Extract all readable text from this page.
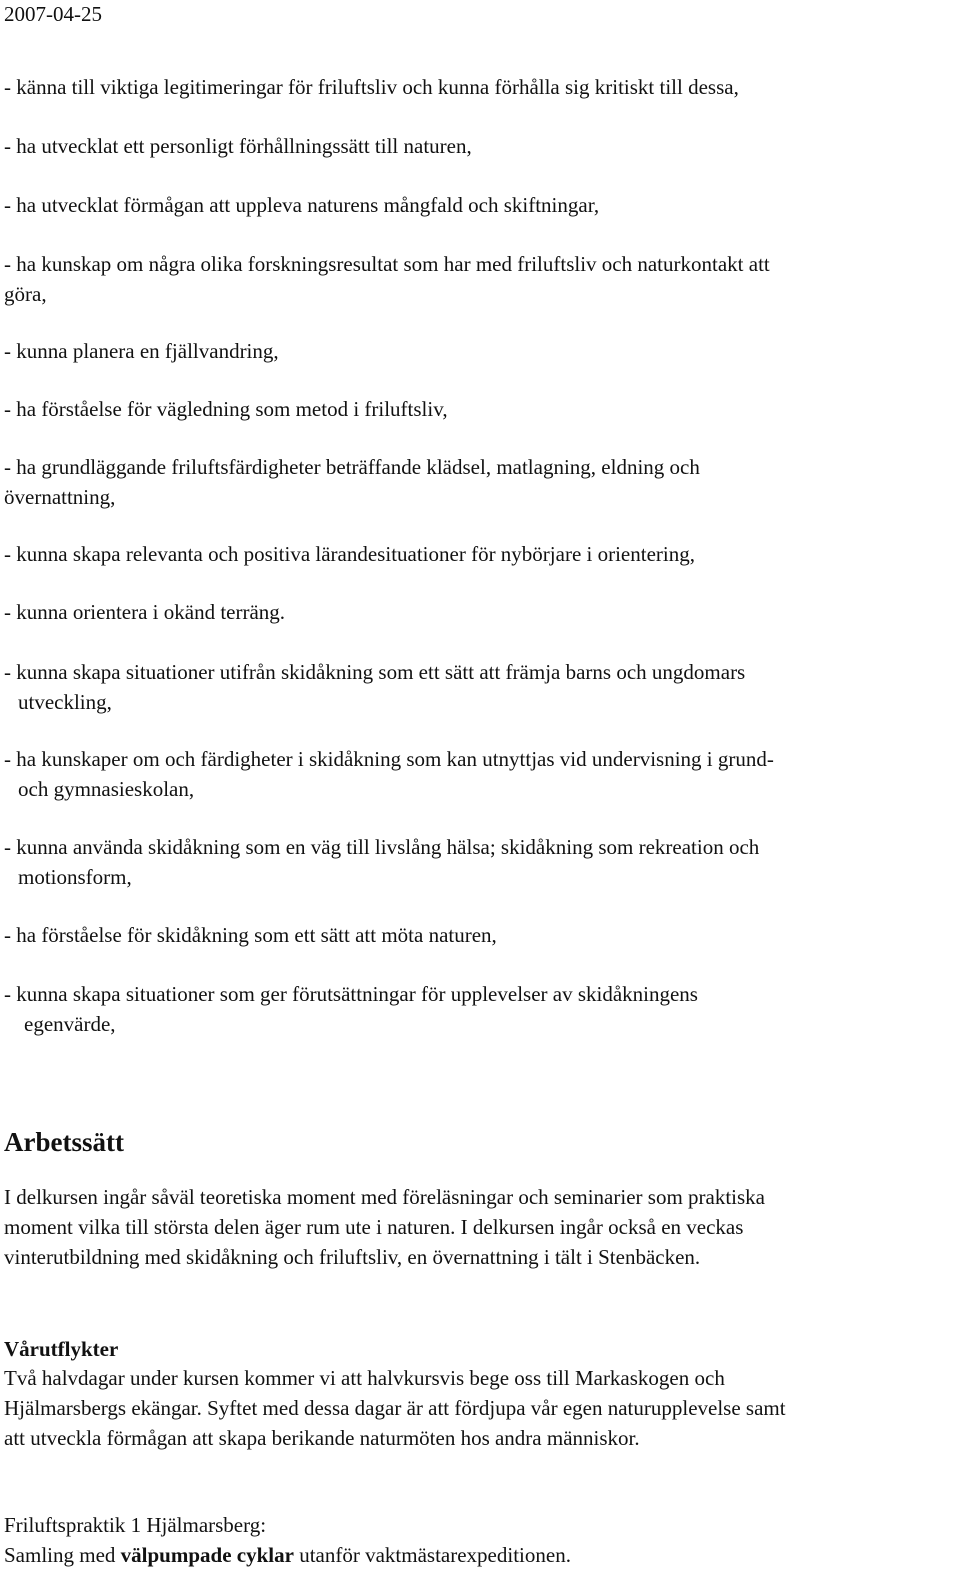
2007-04-25
- känna till viktiga legitimeringar för friluftsliv och kunna förhålla sig kritiskt till dessa,
- ha utvecklat ett personligt förhållningssätt till naturen,
- ha utvecklat förmågan att uppleva naturens mångfald och skiftningar,
- ha kunskap om några olika forskningsresultat som har med friluftsliv och naturkontakt att
göra,
- kunna planera en fjällvandring,
- ha förståelse för vägledning som metod i friluftsliv,
- ha grundläggande friluftsfärdigheter beträffande klädsel, matlagning, eldning och
övernattning,
- kunna skapa relevanta och positiva lärandesituationer för nybörjare i orientering,
- kunna orientera i okänd terräng.
- kunna skapa situationer utifrån skidåkning som ett sätt att främja barns och ungdomars
utveckling,
- ha kunskaper om och färdigheter i skidåkning som kan utnyttjas vid undervisning i grund-
och gymnasieskolan,
- kunna använda skidåkning som en väg till livslång hälsa; skidåkning som rekreation och
motionsform,
- ha förståelse för skidåkning som ett sätt att möta naturen,
- kunna skapa situationer som ger förutsättningar för upplevelser av skidåkningens
egenvärde,
Arbetssätt
I delkursen ingår såväl teoretiska moment med föreläsningar och seminarier som praktiska
moment vilka till största delen äger rum ute i naturen. I delkursen ingår också en veckas
vinterutbildning med skidåkning och friluftsliv, en övernattning i tält i Stenbäcken.
Vårutflykter
Två halvdagar under kursen kommer vi att halvkursvis bege oss till Markaskogen och
Hjälmarsbergs ekängar. Syftet med dessa dagar är att fördjupa vår egen naturupplevelse samt
att utveckla förmågan att skapa berikande naturmöten hos andra människor.
Friluftspraktik 1 Hjälmarsberg:
Samling med välpumpade cyklar utanför vaktmästarexpeditionen.
